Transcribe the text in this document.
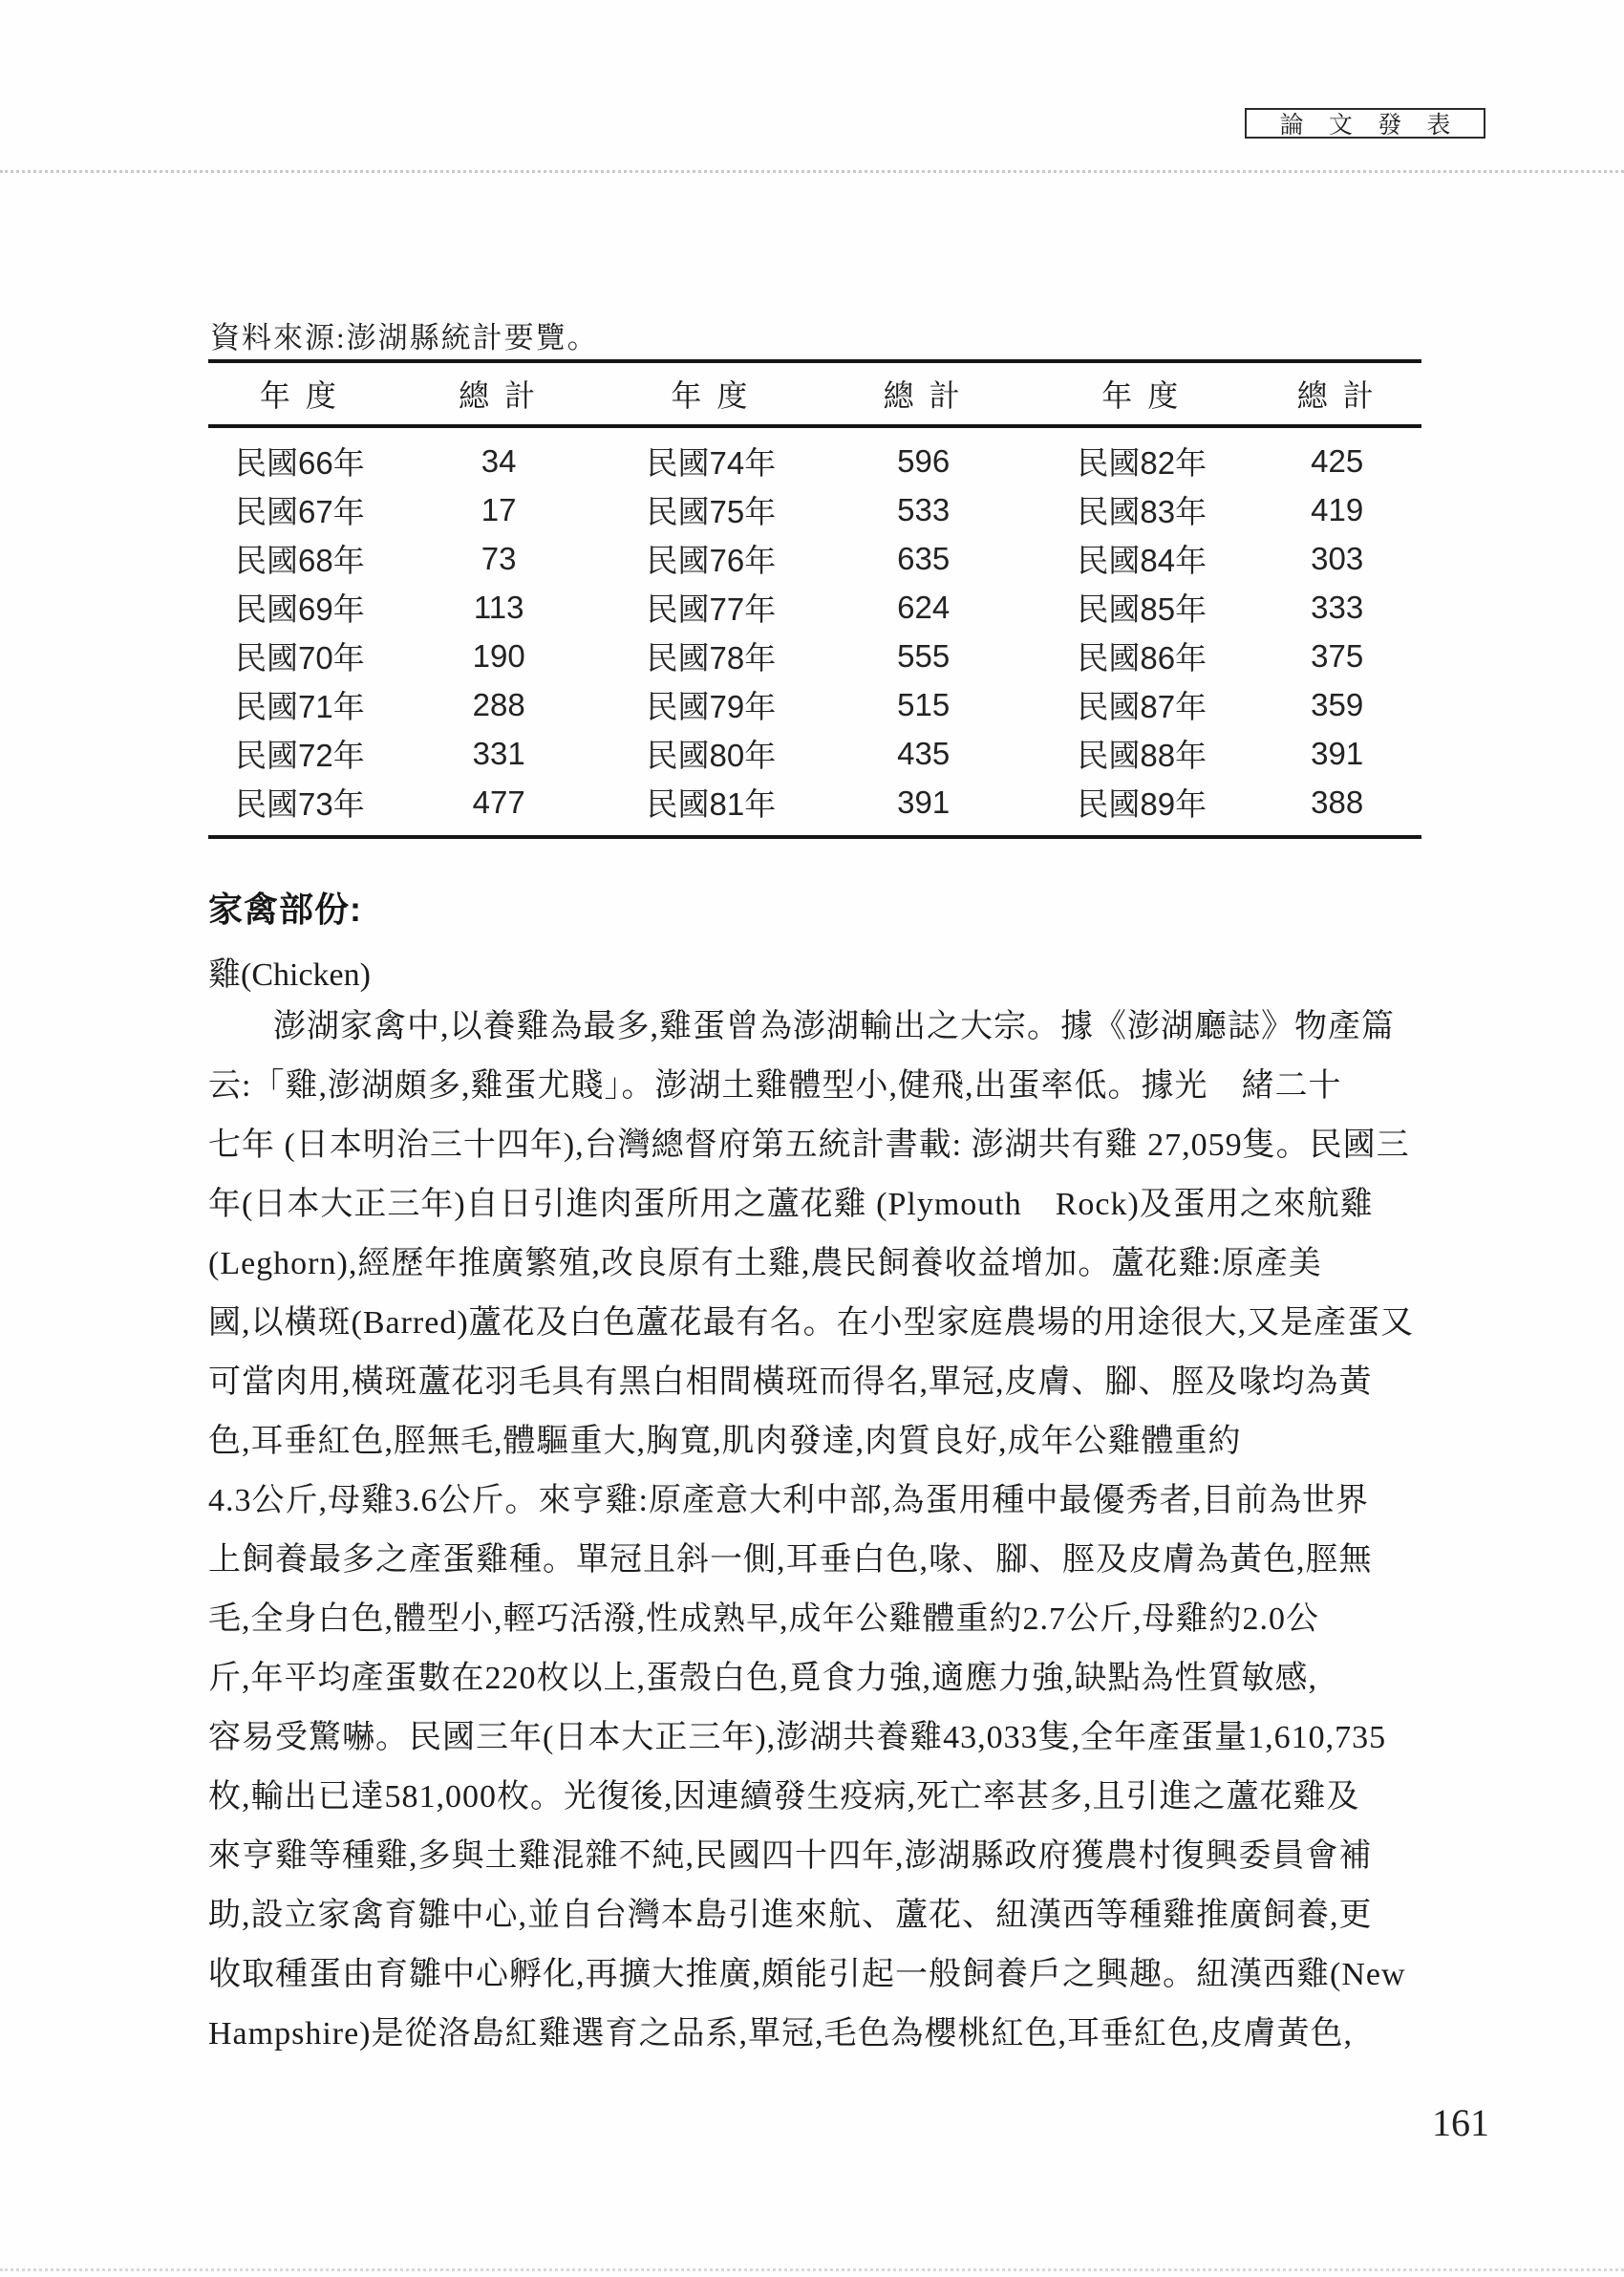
論 文 發 表
資料來源:澎湖縣統計要覽。
年 度	總 計	年 度	總 計	年 度	總 計
民國66年	34	民國74年	596	民國82年	425
民國67年	17	民國75年	533	民國83年	419
民國68年	73	民國76年	635	民國84年	303
民國69年	113	民國77年	624	民國85年	333
民國70年	190	民國78年	555	民國86年	375
民國71年	288	民國79年	515	民國87年	359
民國72年	331	民國80年	435	民國88年	391
民國73年	477	民國81年	391	民國89年	388
家禽部份:
雞(Chicken)
澎湖家禽中,以養雞為最多,雞蛋曾為澎湖輸出之大宗。據《澎湖廳誌》物產篇
云:「雞,澎湖頗多,雞蛋尤賤」。澎湖土雞體型小,健飛,出蛋率低。據光　緒二十
七年 (日本明治三十四年),台灣總督府第五統計書載: 澎湖共有雞 27,059隻。民國三
年(日本大正三年)自日引進肉蛋所用之蘆花雞 (Plymouth　Rock)及蛋用之來航雞
(Leghorn),經歷年推廣繁殖,改良原有土雞,農民飼養收益增加。蘆花雞:原產美
國,以橫斑(Barred)蘆花及白色蘆花最有名。在小型家庭農場的用途很大,又是產蛋又
可當肉用,橫斑蘆花羽毛具有黑白相間橫斑而得名,單冠,皮膚、腳、脛及喙均為黃
色,耳垂紅色,脛無毛,體驅重大,胸寬,肌肉發達,肉質良好,成年公雞體重約
4.3公斤,母雞3.6公斤。來亨雞:原產意大利中部,為蛋用種中最優秀者,目前為世界
上飼養最多之產蛋雞種。單冠且斜一側,耳垂白色,喙、腳、脛及皮膚為黃色,脛無
毛,全身白色,體型小,輕巧活潑,性成熟早,成年公雞體重約2.7公斤,母雞約2.0公
斤,年平均產蛋數在220枚以上,蛋殼白色,覓食力強,適應力強,缺點為性質敏感,
容易受驚嚇。民國三年(日本大正三年),澎湖共養雞43,033隻,全年產蛋量1,610,735
枚,輸出已達581,000枚。光復後,因連續發生疫病,死亡率甚多,且引進之蘆花雞及
來亨雞等種雞,多與土雞混雜不純,民國四十四年,澎湖縣政府獲農村復興委員會補
助,設立家禽育雛中心,並自台灣本島引進來航、蘆花、紐漢西等種雞推廣飼養,更
收取種蛋由育雛中心孵化,再擴大推廣,頗能引起一般飼養戶之興趣。紐漢西雞(New
Hampshire)是從洛島紅雞選育之品系,單冠,毛色為櫻桃紅色,耳垂紅色,皮膚黃色,
161
